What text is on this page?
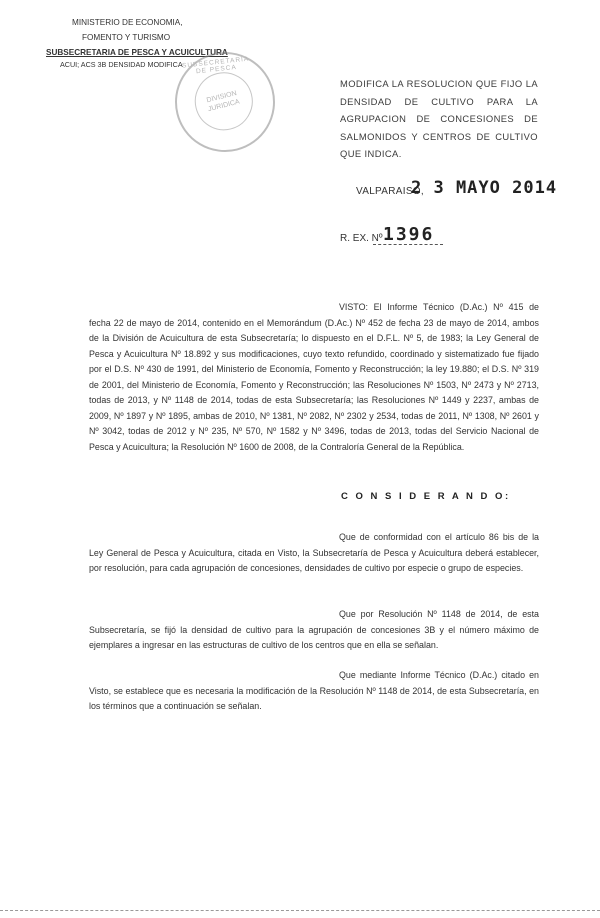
MINISTERIO DE ECONOMIA,
FOMENTO Y TURISMO
SUBSECRETARIA DE PESCA Y ACUICULTURA
ACUI; ACS 3B DENSIDAD MODIFICA SUBSECRETARIA DE PESCA
DIVISION JURIDICA
MODIFICA LA RESOLUCION QUE FIJO LA DENSIDAD DE CULTIVO PARA LA AGRUPACION DE CONCESIONES DE SALMONIDOS Y CENTROS DE CULTIVO QUE INDICA.
VALPARAISO,
2 3 MAYO 2014
R. EX. Nº 1396
VISTO: El Informe Técnico (D.Ac.) Nº 415 de fecha 22 de mayo de 2014, contenido en el Memorándum (D.Ac.) Nº 452 de fecha 23 de mayo de 2014, ambos de la División de Acuicultura de esta Subsecretaría; lo dispuesto en el D.F.L. Nº 5, de 1983; la Ley General de Pesca y Acuicultura Nº 18.892 y sus modificaciones, cuyo texto refundido, coordinado y sistematizado fue fijado por el D.S. Nº 430 de 1991, del Ministerio de Economía, Fomento y Reconstrucción; la ley 19.880; el D.S. Nº 319 de 2001, del Ministerio de Economía, Fomento y Reconstrucción; las Resoluciones Nº 1503, Nº 2473 y Nº 2713, todas de 2013, y Nº 1148 de 2014, todas de esta Subsecretaría; las Resoluciones Nº 1449 y 2237, ambas de 2009, Nº 1897 y Nº 1895, ambas de 2010, Nº 1381, Nº 2082, Nº 2302 y 2534, todas de 2011, Nº 1308, Nº 2601 y Nº 3042, todas de 2012 y Nº 235, Nº 570, Nº 1582 y Nº 3496, todas de 2013, todas del Servicio Nacional de Pesca y Acuicultura; la Resolución Nº 1600 de 2008, de la Contraloría General de la República.
C O N S I D E R A N D O:
Que de conformidad con el artículo 86 bis de la Ley General de Pesca y Acuicultura, citada en Visto, la Subsecretaría de Pesca y Acuicultura deberá establecer, por resolución, para cada agrupación de concesiones, densidades de cultivo por especie o grupo de especies.
Que por Resolución Nº 1148 de 2014, de esta Subsecretaría, se fijó la densidad de cultivo para la agrupación de concesiones 3B y el número máximo de ejemplares a ingresar en las estructuras de cultivo de los centros que en ella se señalan.
Que mediante Informe Técnico (D.Ac.) citado en Visto, se establece que es necesaria la modificación de la Resolución Nº 1148 de 2014, de esta Subsecretaría, en los términos que a continuación se señalan.
